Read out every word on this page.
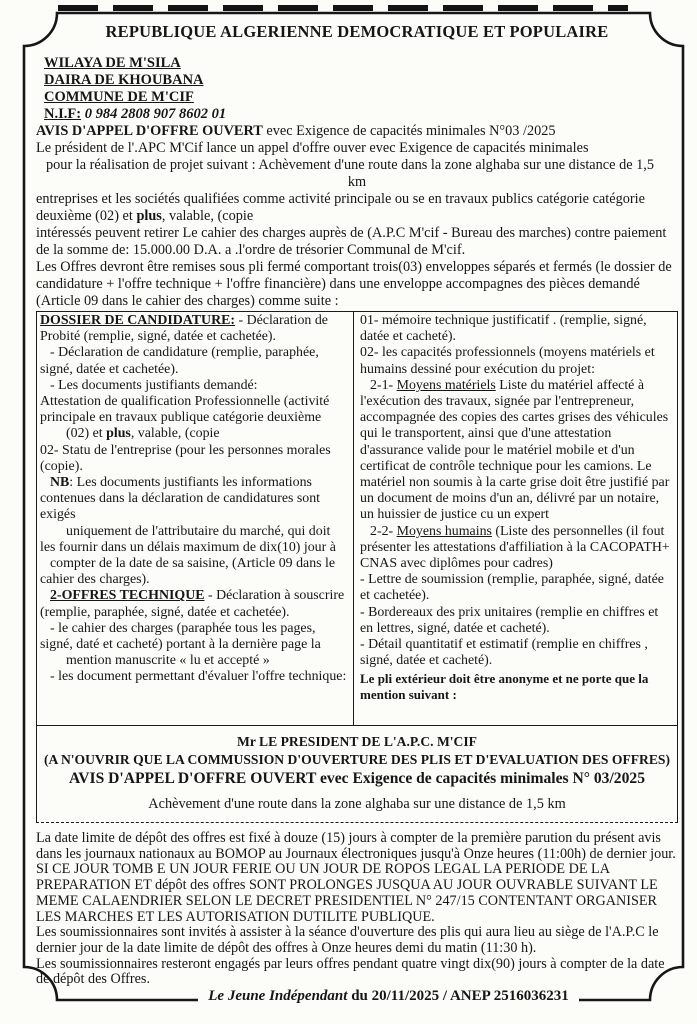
REPUBLIQUE ALGERIENNE DEMOCRATIQUE ET POPULAIRE
WILAYA DE M'SILA
DAIRA DE KHOUBANA
COMMUNE DE M'CIF
N.I.F: 0 984 2808 907 8602 01
AVIS D'APPEL D'OFFRE OUVERT evec Exigence de capacités minimales N°03 /2025
Le président de l'.APC M'Cif lance un appel d'offre ouver evec Exigence de capacités minimales
pour la réalisation de projet suivant : Achèvement d'une route dans la zone alghaba sur une distance de 1,5
km
entreprises et les sociétés qualifiées comme activité principale ou se en travaux publics catégorie catégorie deuxième (02) et plus, valable, (copie
intéressés peuvent retirer Le cahier des charges auprès de (A.P.C M'cif - Bureau des marches) contre paiement de la somme de: 15.000.00 D.A. a .l'ordre de trésorier Communal de M'cif.
Les Offres devront être remises sous pli fermé comportant trois(03) enveloppes séparés et fermés (le dossier de candidature + l'offre technique + l'offre financière) dans une enveloppe accompagnes des pièces demandé (Article 09 dans le cahier des charges) comme suite :
DOSSIER DE CANDIDATURE: - Déclaration de Probité (remplie, signé, datée et cachetée).
- Déclaration de candidature (remplie, paraphée, signé, datée et cachetée).
- Les documents justifiants demandé:
Attestation de qualification Professionnelle (activité principale en travaux publique catégorie deuxième
(02) et plus, valable, (copie
02- Statu de l'entreprise (pour les personnes morales (copie).
NB: Les documents justifiants les informations contenues dans la déclaration de candidatures sont exigés
uniquement de l'attributaire du marché, qui doit les fournir dans un délais maximum de dix(10) jour à
compter de la date de sa saisine, (Article 09 dans le cahier des charges).
2-OFFRES TECHNIQUE - Déclaration à souscrire (remplie, paraphée, signé, datée et cachetée).
- le cahier des charges (paraphée tous les pages, signé, daté et cacheté) portant à la dernière page la
mention manuscrite « lu et accepté »
- les document permettant d'évaluer l'offre technique:
01- mémoire technique justificatif . (remplie, signé, datée et cacheté).
02- les capacités professionnels (moyens matériels et humains dessiné pour exécution du projet:
2-1- Moyens matériels Liste du matériel affecté à l'exécution des travaux, signée par l'entrepreneur, accompagnée des copies des cartes grises des véhicules qui le transportent, ainsi que d'une attestation d'assurance valide pour le matériel mobile et d'un certificat de contrôle technique pour les camions. Le matériel non soumis à la carte grise doit être justifié par un document de moins d'un an, délivré par un notaire, un huissier de justice cu un expert
2-2- Moyens humains (Liste des personnelles (il fout présenter les attestations d'affiliation à la CACOPATH+ CNAS avec diplômes pour cadres)
- Lettre de soumission (remplie, paraphée, signé, datée et cachetée).
- Bordereaux des prix unitaires (remplie en chiffres et en lettres, signé, datée et cacheté).
- Détail quantitatif et estimatif (remplie en chiffres , signé, datée et cacheté).
Le pli extérieur doit être anonyme et ne porte que la mention suivant :
Mr LE PRESIDENT DE L'A.P.C. M'CIF
(A N'OUVRIR QUE LA COMMUSSION D'OUVERTURE DES PLIS ET D'EVALUATION DES OFFRES)
AVIS D'APPEL D'OFFRE OUVERT evec Exigence de capacités minimales N° 03/2025
Achèvement d'une route dans la zone alghaba sur une distance de 1,5 km
La date limite de dépôt des offres est fixé à douze (15) jours à compter de la première parution du présent avis dans les journaux nationaux au BOMOP au Journaux électroniques jusqu'à Onze heures (11:00h) de dernier jour. SI CE JOUR TOMB E UN JOUR FERIE OU UN JOUR DE ROPOS LEGAL LA PERIODE DE LA PREPARATION ET dépôt des offres SONT PROLONGES JUSQUA AU JOUR OUVRABLE SUIVANT LE MEME CALAENDRIER SELON LE DECRET PRESIDENTIEL N° 247/15 CONTENTANT ORGANISER LES MARCHES ET LES AUTORISATION DUTILITE PUBLIQUE.
Les soumissionnaires sont invités à assister à la séance d'ouverture des plis qui aura lieu au siège de l'A.P.C le dernier jour de la date limite de dépôt des offres à Onze heures demi du matin (11:30 h).
Les soumissionnaires resteront engagés par leurs offres pendant quatre vingt dix(90) jours à compter de la date de dépôt des Offres.
Le Jeune Indépendant du 20/11/2025 / ANEP 2516036231
